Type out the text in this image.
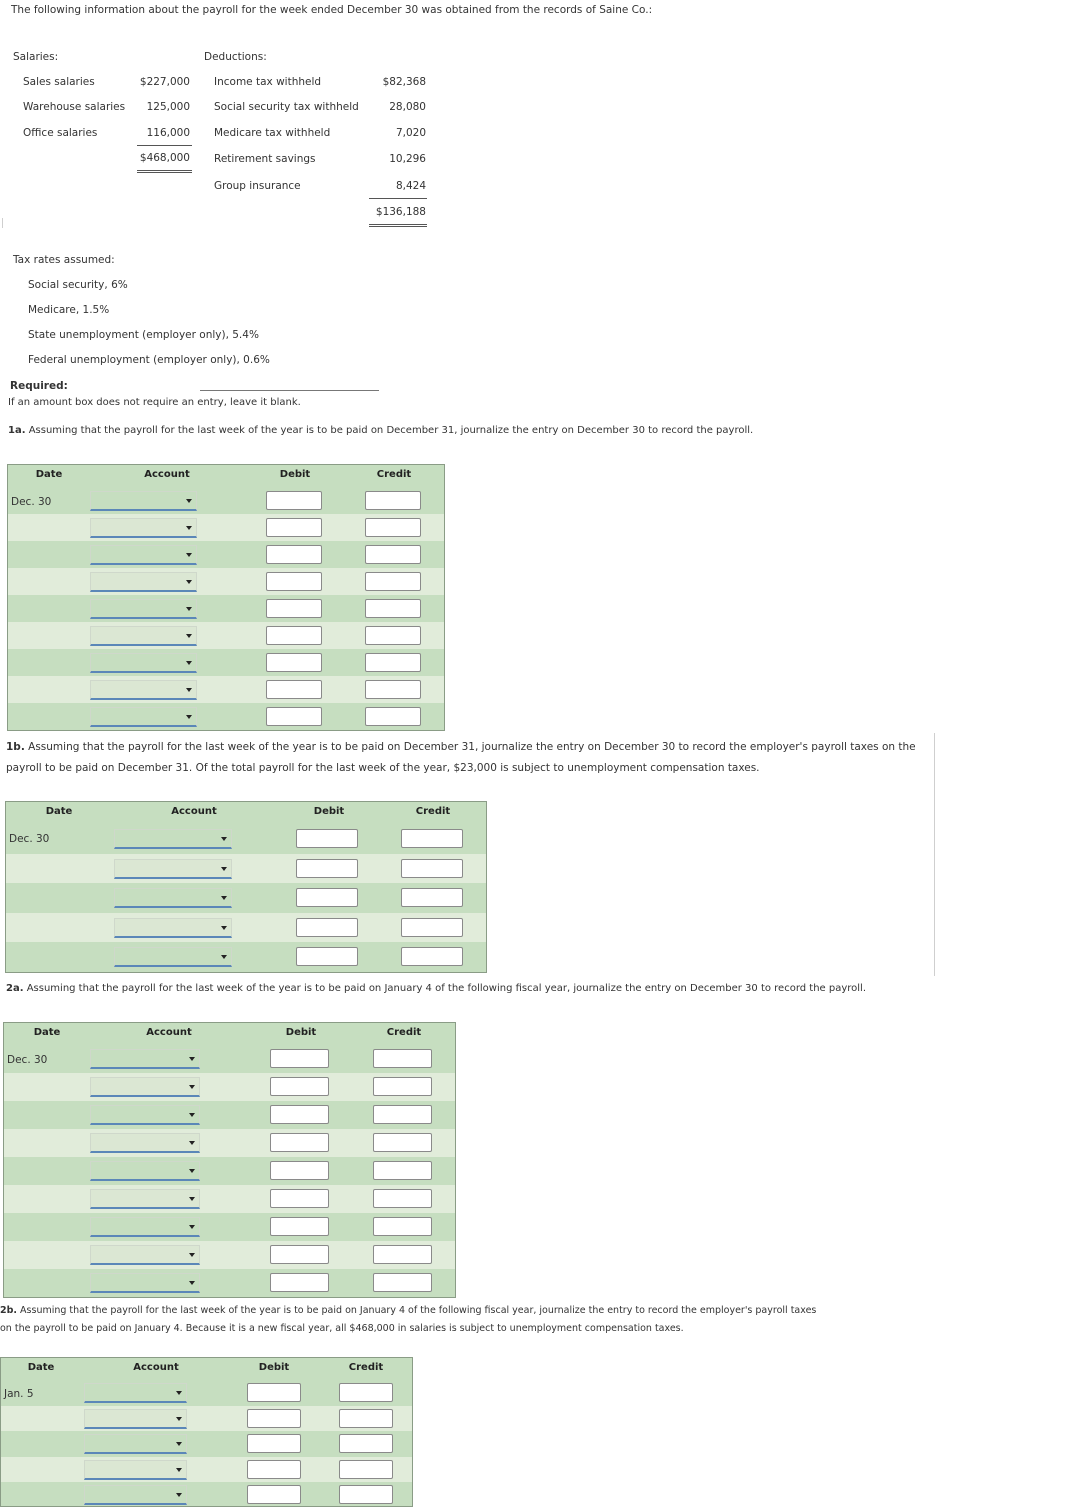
The following information about the payroll for the week ended December 30 was obtained from the records of Saine Co.:
Salaries:
Sales salaries	$227,000
Warehouse salaries 125,000
Office salaries	116,000
$468,000
Deductions:
Income tax withheld	$82,368
Social security tax withheld	28,080
Medicare tax withheld	7,020
Retirement savings	10,296
Group insurance	8,424
$136,188
Tax rates assumed:
Social security, 6%
Medicare, 1.5%
State unemployment (employer only), 5.4%
Federal unemployment (employer only), 0.6%
Required:
If an amount box does not require an entry, leave it blank.
1a. Assuming that the payroll for the last week of the year is to be paid on December 31, journalize the entry on December 30 to record the payroll.
Date	Account	Debit	Credit
Dec. 30
1b. Assuming that the payroll for the last week of the year is to be paid on December 31, journalize the entry on December 30 to record the employer's payroll taxes on the
payroll to be paid on December 31. Of the total payroll for the last week of the year, $23,000 is subject to unemployment compensation taxes.
Date	Account	Debit	Credit
Dec. 30
2a. Assuming that the payroll for the last week of the year is to be paid on January 4 of the following fiscal year, journalize the entry on December 30 to record the payroll.
Date	Account	Debit	Credit
Dec. 30
2b. Assuming that the payroll for the last week of the year is to be paid on January 4 of the following fiscal year, journalize the entry to record the employer's payroll taxes
on the payroll to be paid on January 4. Because it is a new fiscal year, all $468,000 in salaries is subject to unemployment compensation taxes.
Date	Account	Debit	Credit
Jan. 5
